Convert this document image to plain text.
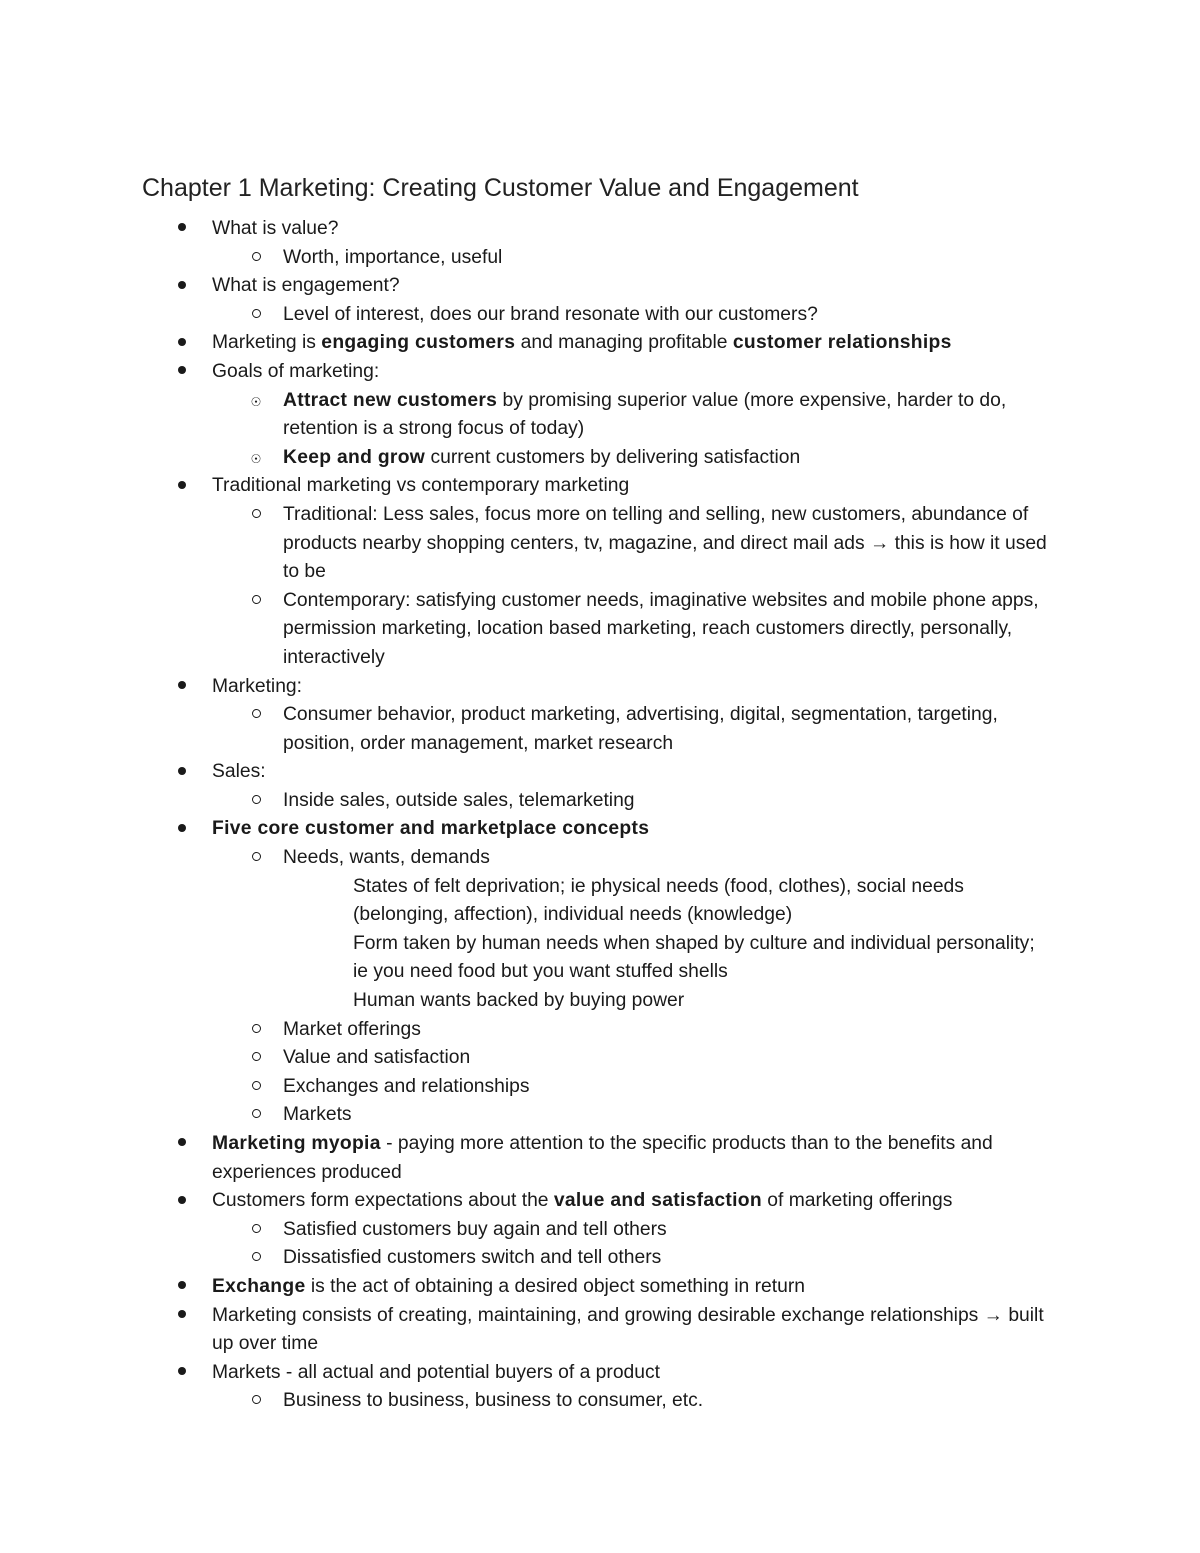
Chapter 1 Marketing: Creating Customer Value and Engagement
What is value?
Worth, importance, useful
What is engagement?
Level of interest, does our brand resonate with our customers?
Marketing is engaging customers and managing profitable customer relationships
Goals of marketing:
☉ Attract new customers by promising superior value (more expensive, harder to do, retention is a strong focus of today)
☉ Keep and grow current customers by delivering satisfaction
Traditional marketing vs contemporary marketing
Traditional: Less sales, focus more on telling and selling, new customers, abundance of products nearby shopping centers, tv, magazine, and direct mail ads → this is how it used to be
Contemporary: satisfying customer needs, imaginative websites and mobile phone apps, permission marketing, location based marketing, reach customers directly, personally, interactively
Marketing:
Consumer behavior, product marketing, advertising, digital, segmentation, targeting, position, order management, market research
Sales:
Inside sales, outside sales, telemarketing
Five core customer and marketplace concepts
Needs, wants, demands
States of felt deprivation; ie physical needs (food, clothes), social needs (belonging, affection), individual needs (knowledge)
Form taken by human needs when shaped by culture and individual personality; ie you need food but you want stuffed shells
Human wants backed by buying power
Market offerings
Value and satisfaction
Exchanges and relationships
Markets
Marketing myopia - paying more attention to the specific products than to the benefits and experiences produced
Customers form expectations about the value and satisfaction of marketing offerings
Satisfied customers buy again and tell others
Dissatisfied customers switch and tell others
Exchange is the act of obtaining a desired object something in return
Marketing consists of creating, maintaining, and growing desirable exchange relationships → built up over time
Markets - all actual and potential buyers of a product
Business to business, business to consumer, etc.
